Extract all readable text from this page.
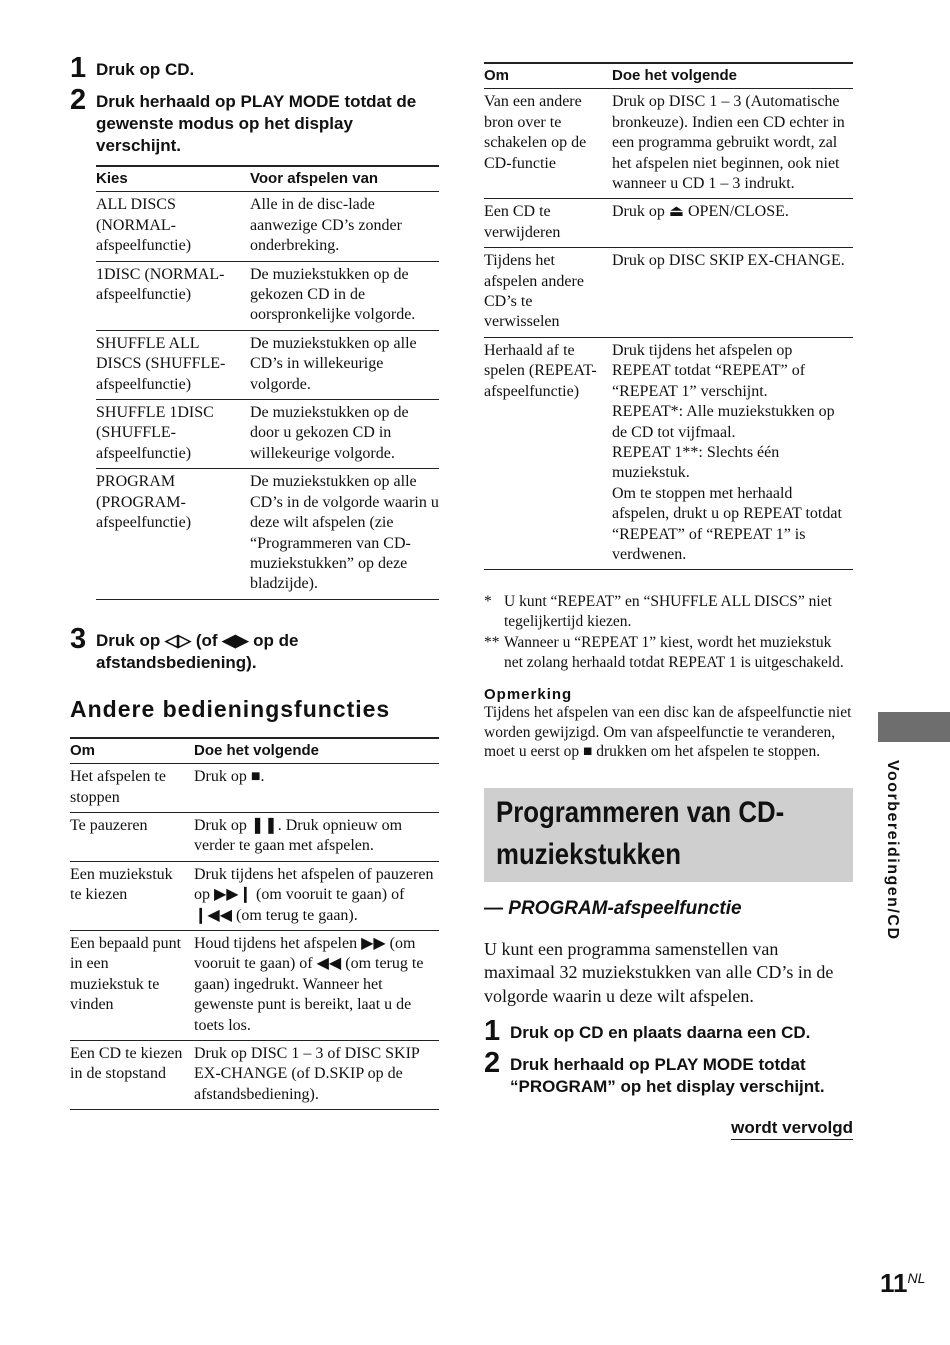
1 Druk op CD.
2 Druk herhaald op PLAY MODE totdat de gewenste modus op het display verschijnt.
Kies	Voor afspelen van
ALL DISCS (NORMAL-afspeelfunctie)	Alle in de disc-lade aanwezige CD’s zonder onderbreking.
1DISC (NORMAL-afspeelfunctie)	De muziekstukken op de gekozen CD in de oorspronkelijke volgorde.
SHUFFLE ALL DISCS (SHUFFLE-afspeelfunctie)	De muziekstukken op alle CD’s in willekeurige volgorde.
SHUFFLE 1DISC (SHUFFLE-afspeelfunctie)	De muziekstukken op de door u gekozen CD in willekeurige volgorde.
PROGRAM (PROGRAM-afspeelfunctie)	De muziekstukken op alle CD’s in de volgorde waarin u deze wilt afspelen (zie “Programmeren van CD-muziekstukken” op deze bladzijde).
3 Druk op ◁▷ (of ◀▶ op de afstandsbediening).
Andere bedieningsfuncties
Om	Doe het volgende
Het afspelen te stoppen	Druk op ■.
Te pauzeren	Druk op ❚❚. Druk opnieuw om verder te gaan met afspelen.
Een muziekstuk te kiezen	Druk tijdens het afspelen of pauzeren op ▶▶❙ (om vooruit te gaan) of ❙◀◀ (om terug te gaan).
Een bepaald punt in een muziekstuk te vinden	Houd tijdens het afspelen ▶▶ (om vooruit te gaan) of ◀◀ (om terug te gaan) ingedrukt. Wanneer het gewenste punt is bereikt, laat u de toets los.
Een CD te kiezen in de stopstand	Druk op DISC 1 – 3 of DISC SKIP EX-CHANGE (of D.SKIP op de afstandsbediening).
Om	Doe het volgende
Van een andere bron over te schakelen op de CD-functie	Druk op DISC 1 – 3 (Automatische bronkeuze). Indien een CD echter in een programma gebruikt wordt, zal het afspelen niet beginnen, ook niet wanneer u CD 1 – 3 indrukt.
Een CD te verwijderen	Druk op ⏏ OPEN/CLOSE.
Tijdens het afspelen andere CD’s te verwisselen	Druk op DISC SKIP EX-CHANGE.
Herhaald af te spelen (REPEAT-afspeelfunctie)	Druk tijdens het afspelen op REPEAT totdat “REPEAT” of “REPEAT 1” verschijnt.
REPEAT*: Alle muziekstukken op de CD tot vijfmaal.
REPEAT 1**: Slechts één muziekstuk.
Om te stoppen met herhaald afspelen, drukt u op REPEAT totdat “REPEAT” of “REPEAT 1” is verdwenen.
* U kunt “REPEAT” en “SHUFFLE ALL DISCS” niet tegelijkertijd kiezen.
** Wanneer u “REPEAT 1” kiest, wordt het muziekstuk net zolang herhaald totdat REPEAT 1 is uitgeschakeld.
Opmerking
Tijdens het afspelen van een disc kan de afspeelfunctie niet worden gewijzigd. Om van afspeelfunctie te veranderen, moet u eerst op ■ drukken om het afspelen te stoppen.
Programmeren van CD-
muziekstukken
— PROGRAM-afspeelfunctie
U kunt een programma samenstellen van maximaal 32 muziekstukken van alle CD’s in de volgorde waarin u deze wilt afspelen.
1 Druk op CD en plaats daarna een CD.
2 Druk herhaald op PLAY MODE totdat “PROGRAM” op het display verschijnt.
wordt vervolgd
Voorbereidingen/CD
$11^{NL}$
